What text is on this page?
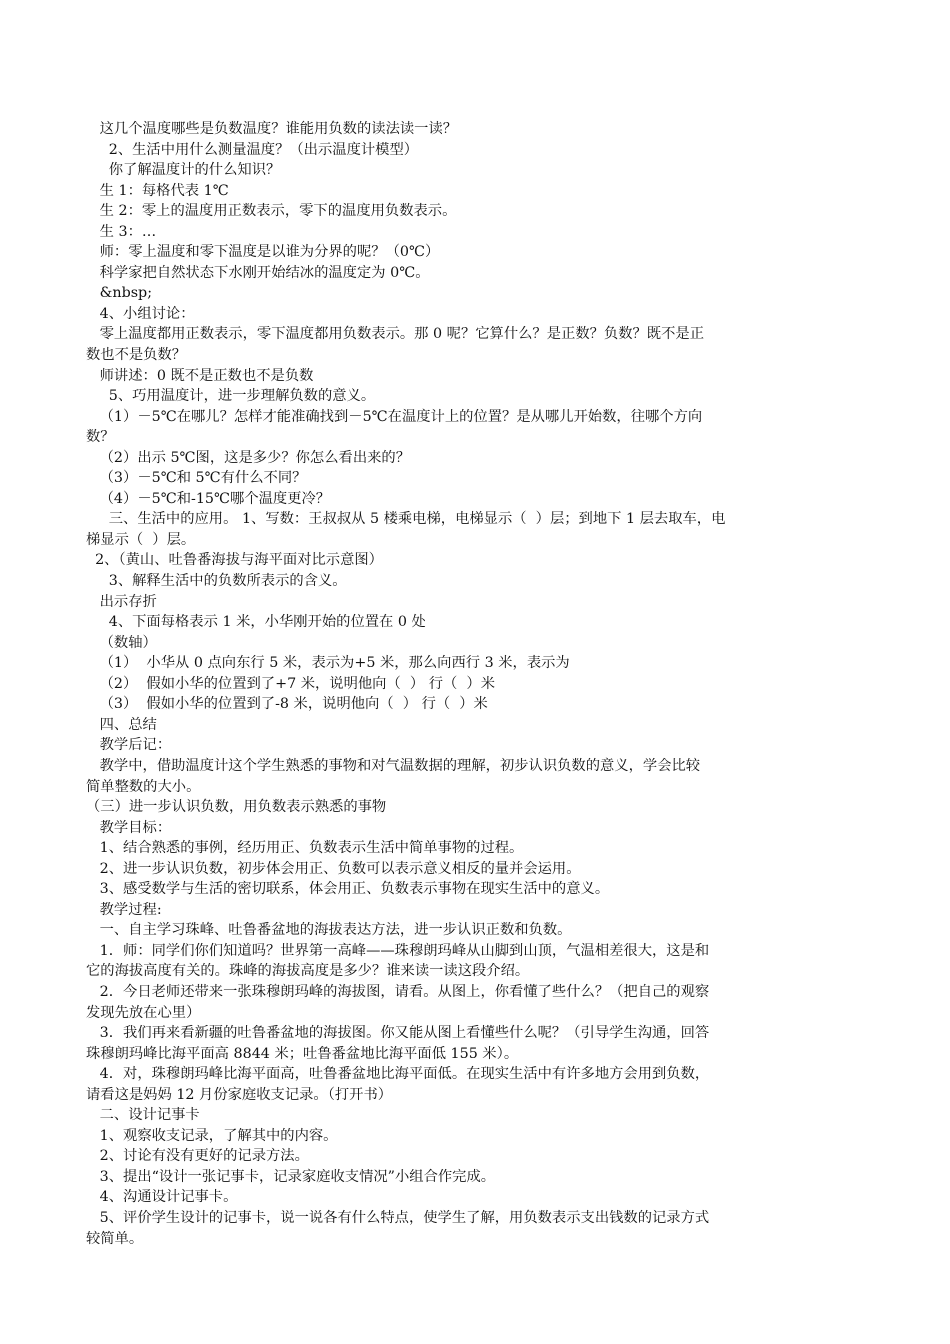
这几个温度哪些是负数温度？谁能用负数的读法读一读？

2、生活中用什么测量温度？（出示温度计模型）

你了解温度计的什么知识？

生 1：每格代表 1℃

生 2：零上的温度用正数表示，零下的温度用负数表示。

生 3：…

师：零上温度和零下温度是以谁为分界的呢？（0℃）

科学家把自然状态下水刚开始结冰的温度定为 0℃。

&nbsp;

4、小组讨论：

零上温度都用正数表示，零下温度都用负数表示。那 0 呢？它算什么？是正数？负数？既不是正

数也不是负数？

师讲述：0 既不是正数也不是负数

5、巧用温度计，进一步理解负数的意义。

（1）－5℃在哪儿？怎样才能准确找到－5℃在温度计上的位置？是从哪儿开始数，往哪个方向

数？

（2）出示 5℃图，这是多少？你怎么看出来的？

（3）－5℃和 5℃有什么不同？

（4）－5℃和-15℃哪个温度更冷？

三、生活中的应用。 1、写数：王叔叔从 5 楼乘电梯，电梯显示（  ）层；到地下 1 层去取车，电

梯显示（  ）层。

2、（黄山、吐鲁番海拔与海平面对比示意图）

3、解释生活中的负数所表示的含义。

出示存折

4、下面每格表示 1 米，小华刚开始的位置在 0 处

（数轴）

（1）  小华从 0 点向东行 5 米，表示为+5 米，那么向西行 3 米，表示为

（2）  假如小华的位置到了+7 米，说明他向（  ） 行（  ）米

（3）  假如小华的位置到了-8 米，说明他向（  ） 行（  ）米

四、总结

教学后记：

教学中，借助温度计这个学生熟悉的事物和对气温数据的理解，初步认识负数的意义，学会比较

简单整数的大小。

（三）进一步认识负数，用负数表示熟悉的事物

教学目标：

1、结合熟悉的事例，经历用正、负数表示生活中简单事物的过程。

2、进一步认识负数，初步体会用正、负数可以表示意义相反的量并会运用。

3、感受数学与生活的密切联系，体会用正、负数表示事物在现实生活中的意义。

教学过程:

一、自主学习珠峰、吐鲁番盆地的海拔表达方法，进一步认识正数和负数。

1．师：同学们你们知道吗？世界第一高峰——珠穆朗玛峰从山脚到山顶，气温相差很大，这是和

它的海拔高度有关的。珠峰的海拔高度是多少？谁来读一读这段介绍。

2．今日老师还带来一张珠穆朗玛峰的海拔图，请看。从图上，你看懂了些什么？（把自己的观察

发现先放在心里）

3．我们再来看新疆的吐鲁番盆地的海拔图。你又能从图上看懂些什么呢？（引导学生沟通，回答

珠穆朗玛峰比海平面高 8844 米；吐鲁番盆地比海平面低 155 米）。

4．对，珠穆朗玛峰比海平面高，吐鲁番盆地比海平面低。在现实生活中有许多地方会用到负数，

请看这是妈妈 12 月份家庭收支记录。（打开书）

二、设计记事卡

1、观察收支记录，了解其中的内容。

2、讨论有没有更好的记录方法。

3、提出“设计一张记事卡，记录家庭收支情况”小组合作完成。

4、沟通设计记事卡。

5、评价学生设计的记事卡，说一说各有什么特点，使学生了解，用负数表示支出钱数的记录方式

较简单。
